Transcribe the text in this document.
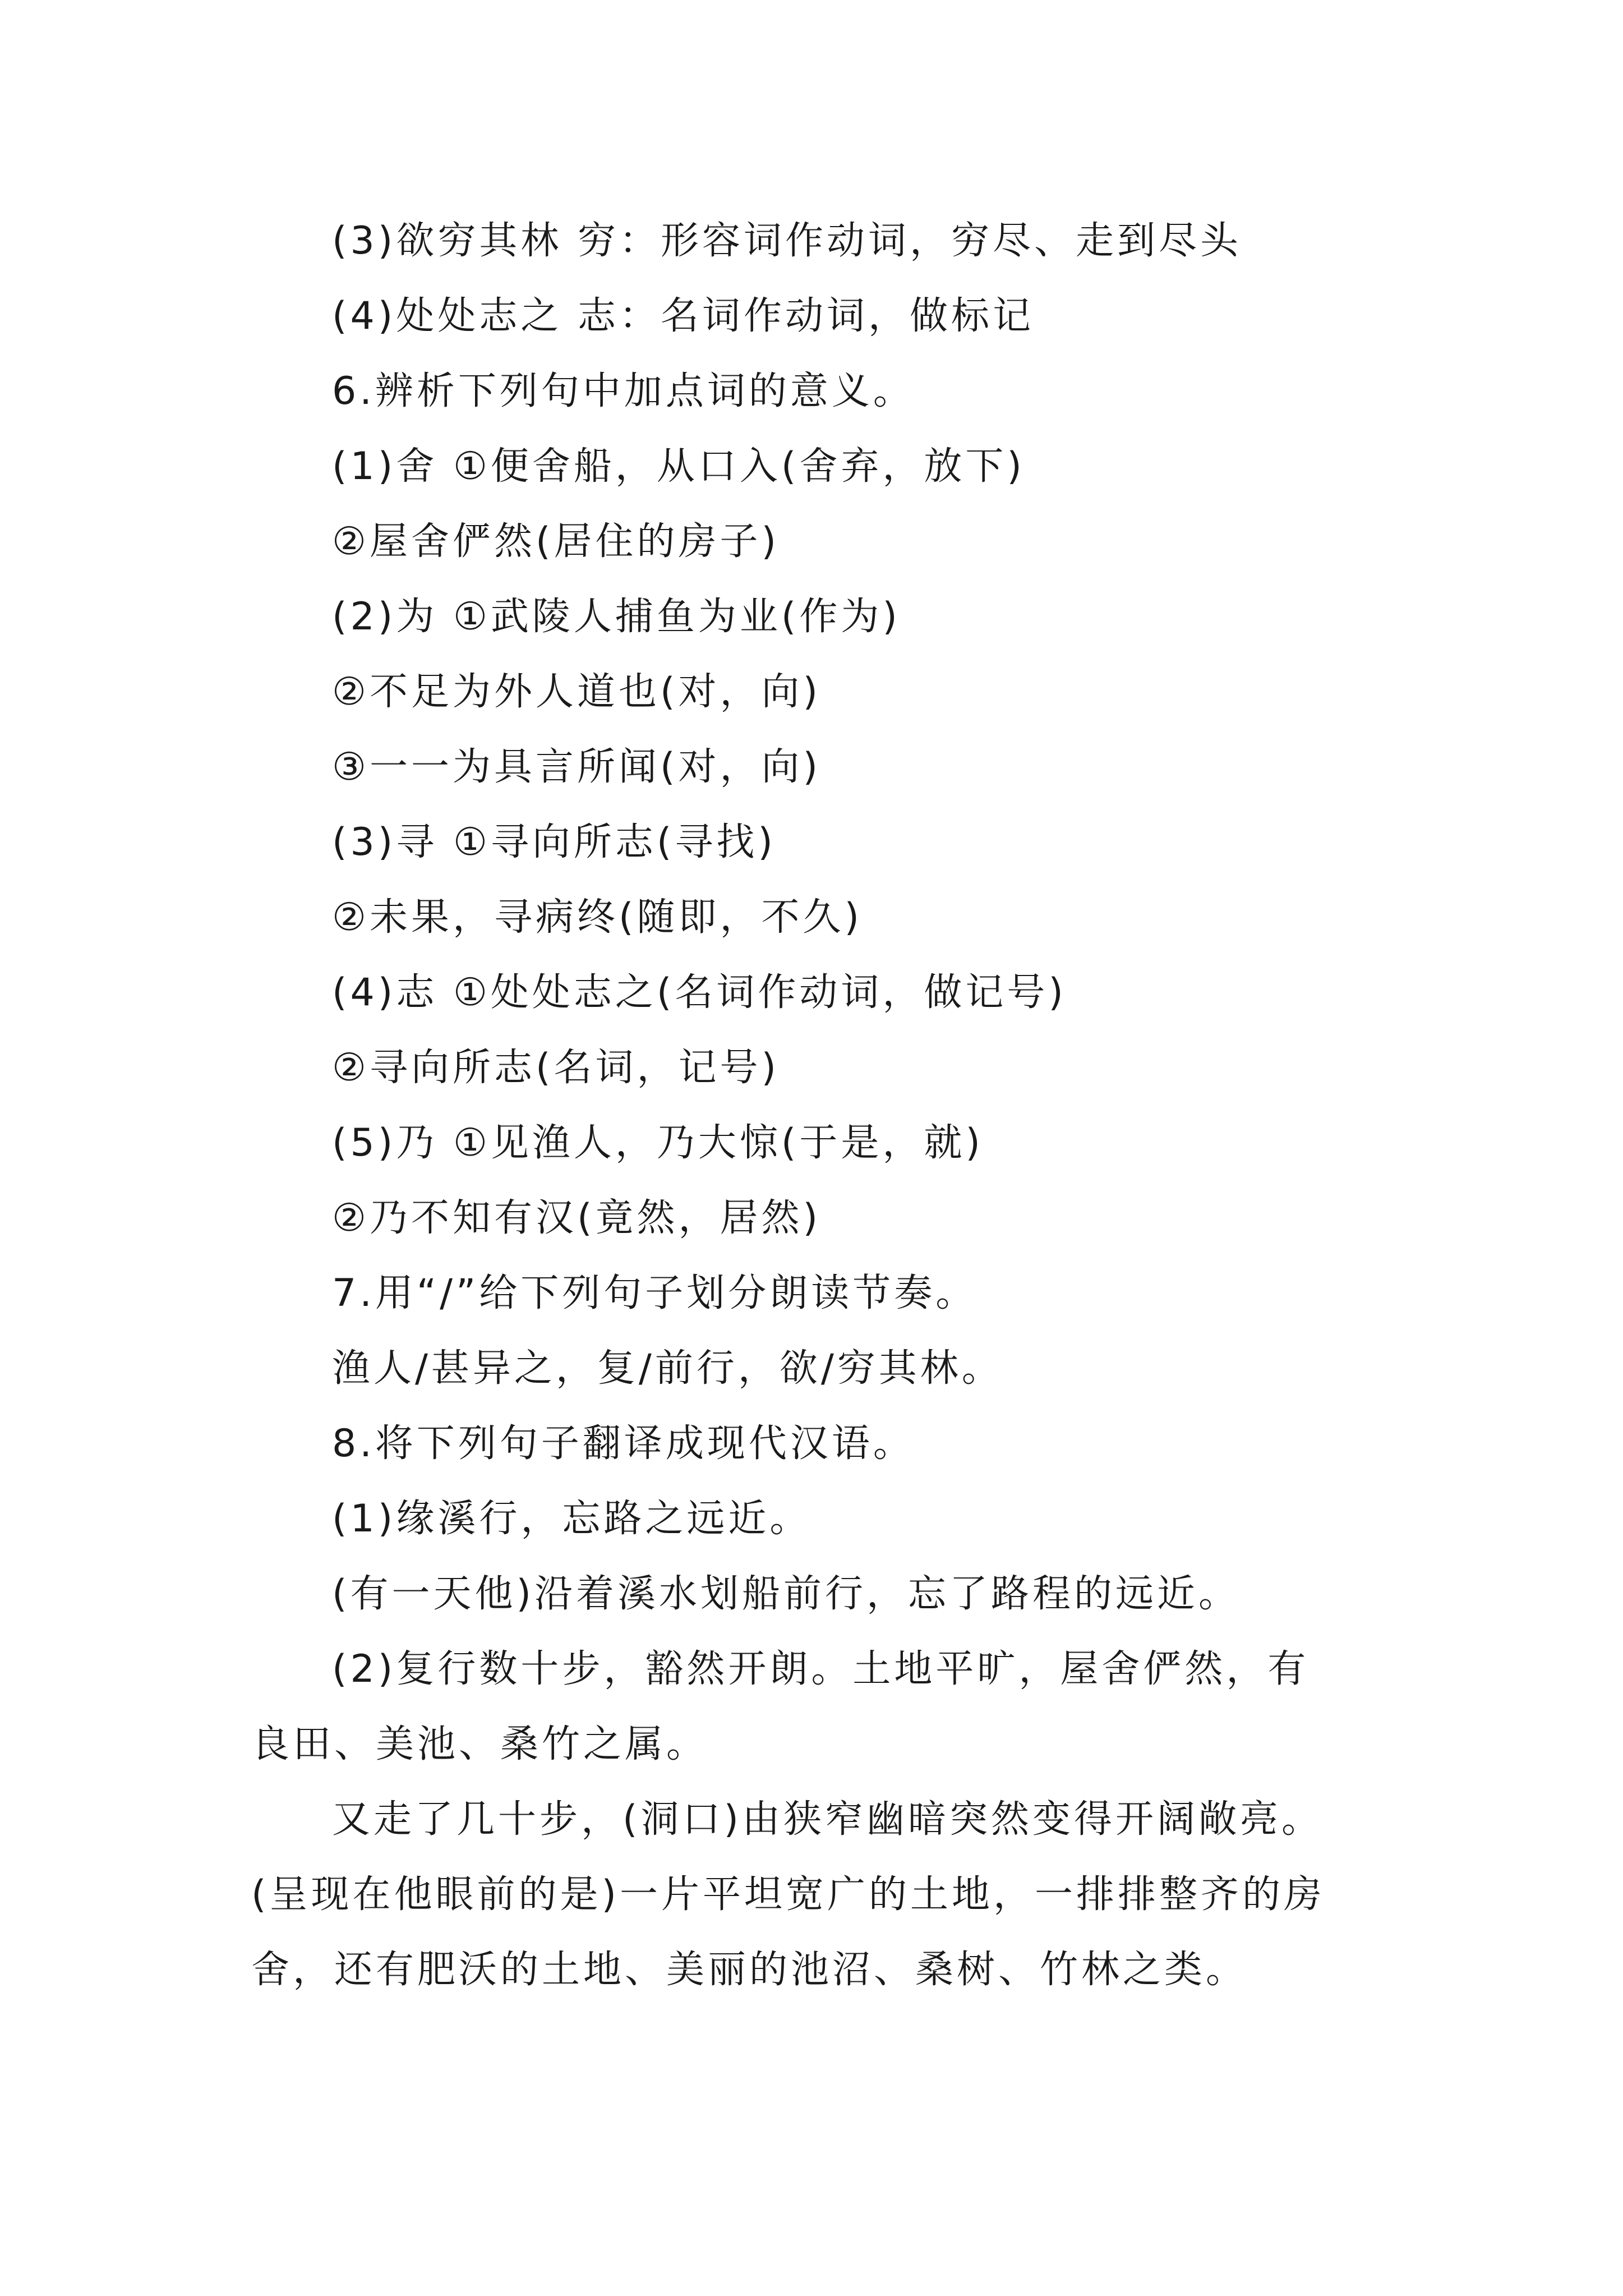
(3)欲穷其林 穷：形容词作动词，穷尽、走到尽头
(4)处处志之 志：名词作动词，做标记
6.辨析下列句中加点词的意义。
(1)舍 ①便舍船，从口入(舍弃，放下)
②屋舍俨然(居住的房子)
(2)为 ①武陵人捕鱼为业(作为)
②不足为外人道也(对，向)
③一一为具言所闻(对，向)
(3)寻 ①寻向所志(寻找)
②未果，寻病终(随即，不久)
(4)志 ①处处志之(名词作动词，做记号)
②寻向所志(名词，记号)
(5)乃 ①见渔人，乃大惊(于是，就)
②乃不知有汉(竟然，居然)
7.用“/”给下列句子划分朗读节奏。
渔人/甚异之，复/前行，欲/穷其林。
8.将下列句子翻译成现代汉语。
(1)缘溪行，忘路之远近。
(有一天他)沿着溪水划船前行，忘了路程的远近。
(2)复行数十步，豁然开朗。土地平旷，屋舍俨然，有
良田、美池、桑竹之属。
又走了几十步，(洞口)由狭窄幽暗突然变得开阔敞亮。
(呈现在他眼前的是)一片平坦宽广的土地，一排排整齐的房
舍，还有肥沃的土地、美丽的池沼、桑树、竹林之类。
